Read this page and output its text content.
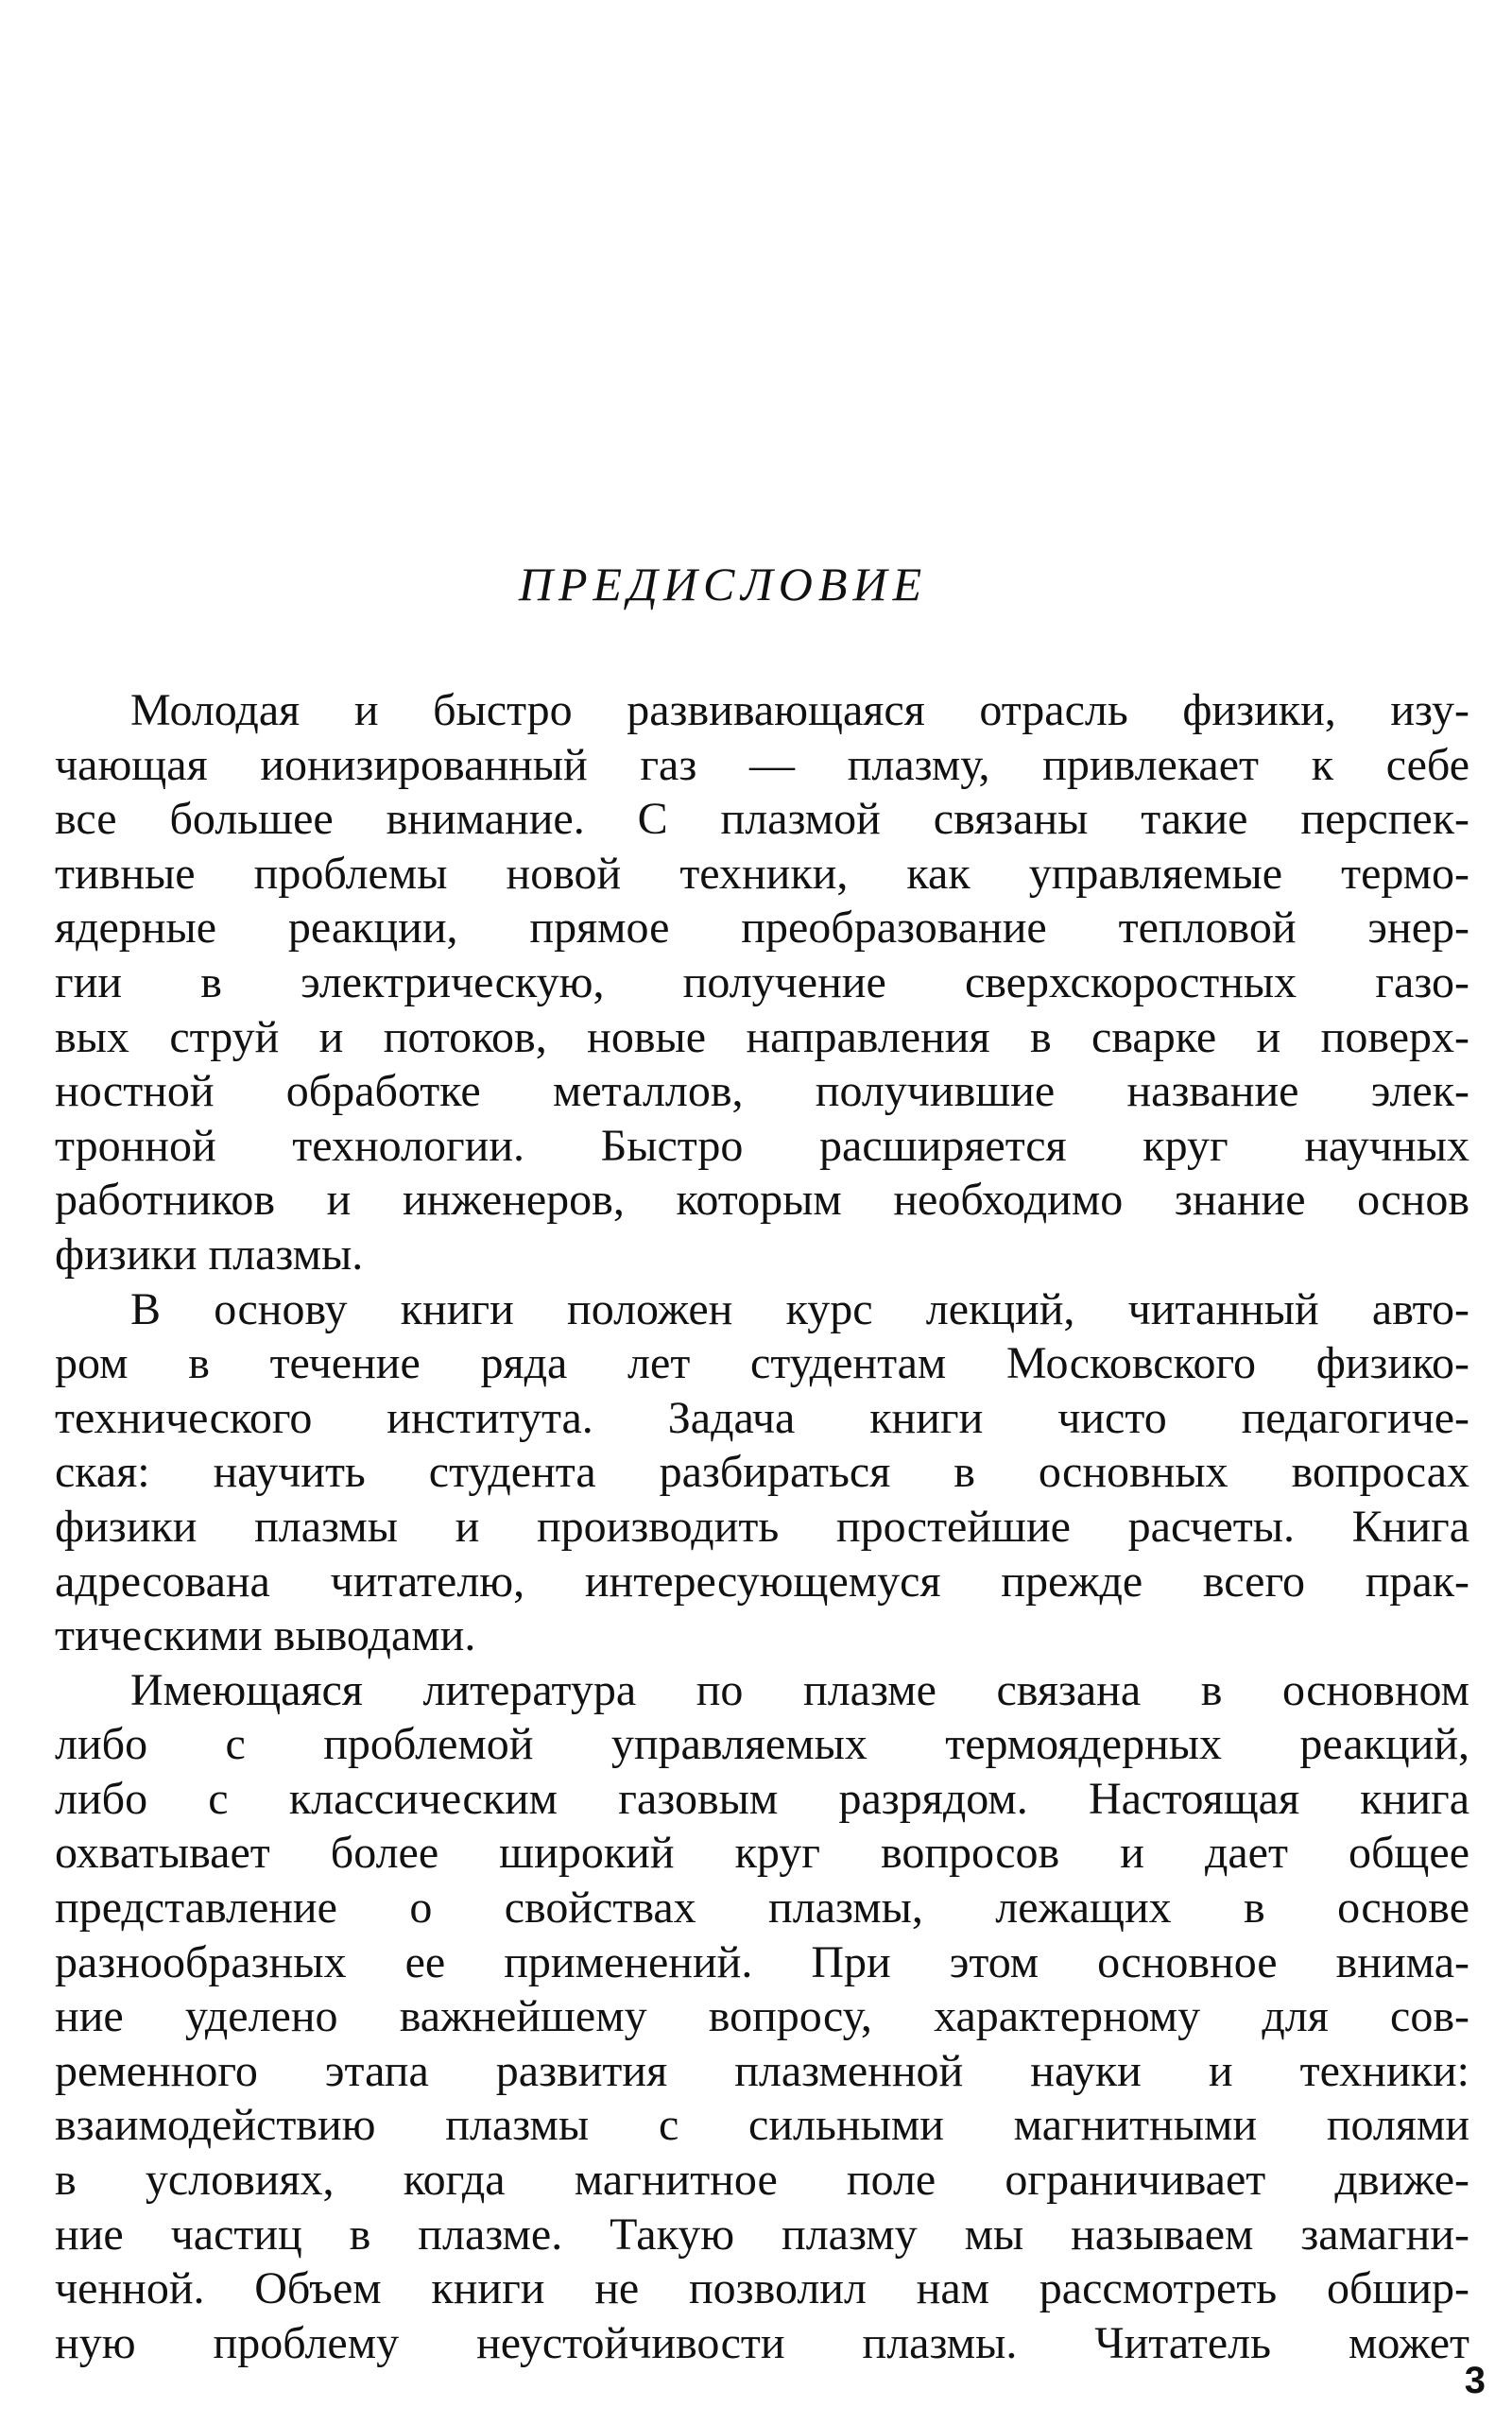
ПРЕДИСЛОВИЕ

Молодая и быстро развивающаяся отрасль физики, изу-
чающая ионизированный газ — плазму, привлекает к себе
все большее внимание. С плазмой связаны такие перспек-
тивные проблемы новой техники, как управляемые термо-
ядерные реакции, прямое преобразование тепловой энер-
гии в электрическую, получение сверхскоростных газо-
вых струй и потоков, новые направления в сварке и поверх-
ностной обработке металлов, получившие название элек-
тронной технологии. Быстро расширяется круг научных
работников и инженеров, которым необходимо знание основ
физики плазмы.

В основу книги положен курс лекций, читанный авто-
ром в течение ряда лет студентам Московского физико-
технического института. Задача книги чисто педагогиче-
ская: научить студента разбираться в основных вопросах
физики плазмы и производить простейшие расчеты. Книга
адресована читателю, интересующемуся прежде всего прак-
тическими выводами.

Имеющаяся литература по плазме связана в основном
либо с проблемой управляемых термоядерных реакций,
либо с классическим газовым разрядом. Настоящая книга
охватывает более широкий круг вопросов и дает общее
представление о свойствах плазмы, лежащих в основе
разнообразных ее применений. При этом основное внима-
ние уделено важнейшему вопросу, характерному для сов-
ременного этапа развития плазменной науки и техники:
взаимодействию плазмы с сильными магнитными полями
в условиях, когда магнитное поле ограничивает движе-
ние частиц в плазме. Такую плазму мы называем замагни-
ченной. Объем книги не позволил нам рассмотреть обшир-
ную проблему неустойчивости плазмы. Читатель может

3
